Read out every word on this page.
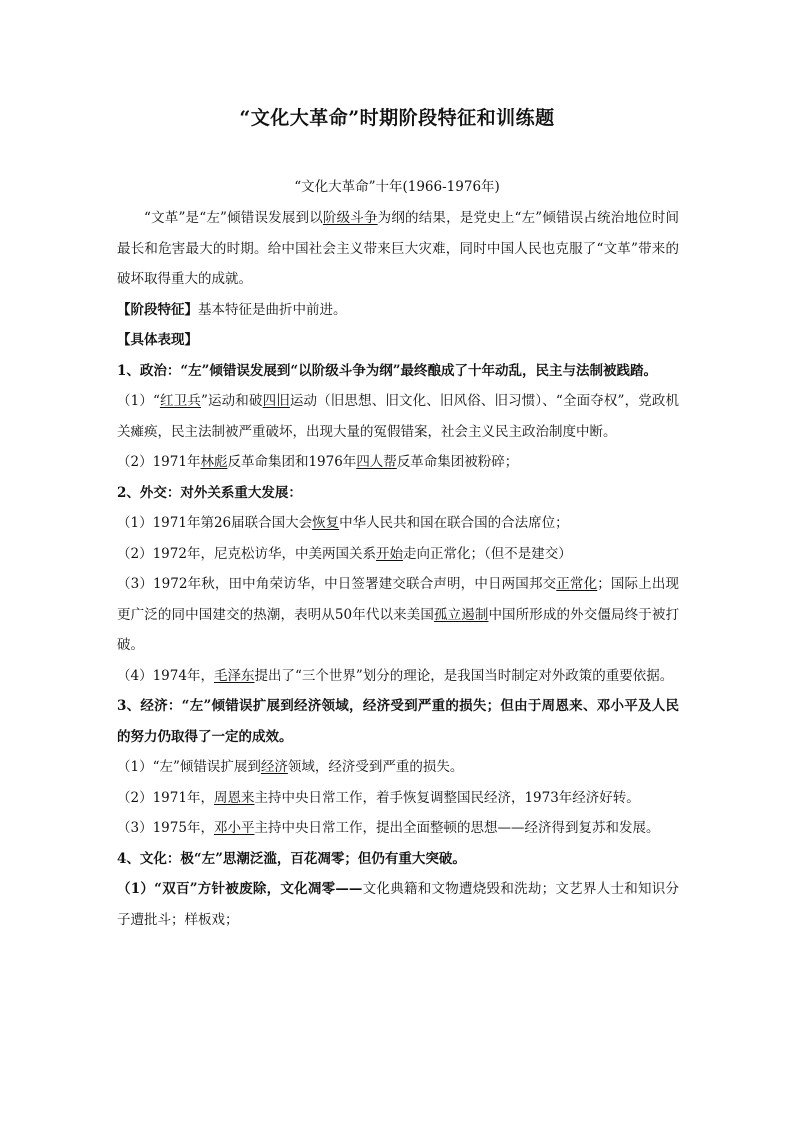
“文化大革命”时期阶段特征和训练题
“文化大革命”十年(1966-1976年)

“文革”是“左”倾错误发展到以阶级斗争为纲的结果，是党史上“左”倾错误占统治地位时间最长和危害最大的时期。给中国社会主义带来巨大灾难，同时中国人民也克服了“文革”带来的破坏取得重大的成就。

【阶段特征】基本特征是曲折中前进。

【具体表现】

1、政治：“左”倾错误发展到“以阶级斗争为纲”最终酿成了十年动乱，民主与法制被践踏。

（1）“红卫兵”运动和破四旧运动（旧思想、旧文化、旧风俗、旧习惯）、“全面夺权”，党政机关瘫痪，民主法制被严重破坏，出现大量的冤假错案，社会主义民主政治制度中断。

（2）1971年林彪反革命集团和1976年四人帮反革命集团被粉碎；

2、外交：对外关系重大发展：

（1）1971年第26届联合国大会恢复中华人民共和国在联合国的合法席位；

（2）1972年，尼克松访华，中美两国关系开始走向正常化；（但不是建交）

（3）1972年秋，田中角荣访华，中日签署建交联合声明，中日两国邦交正常化；国际上出现更广泛的同中国建交的热潮，表明从50年代以来美国孤立遏制中国所形成的外交僵局终于被打破。

（4）1974年，毛泽东提出了“三个世界”划分的理论，是我国当时制定对外政策的重要依据。

3、经济：“左”倾错误扩展到经济领域，经济受到严重的损失；但由于周恩来、邓小平及人民的努力仍取得了一定的成效。

（1）“左”倾错误扩展到经济领域，经济受到严重的损失。

（2）1971年，周恩来主持中央日常工作，着手恢复调整国民经济，1973年经济好转。

（3）1975年，邓小平主持中央日常工作，提出全面整顿的思想——经济得到复苏和发展。

4、文化：极“左”思潮泛滥，百花凋零；但仍有重大突破。

（1）“双百”方针被废除，文化凋零——文化典籍和文物遭烧毁和洗劫；文艺界人士和知识分子遭批斗；样板戏；
